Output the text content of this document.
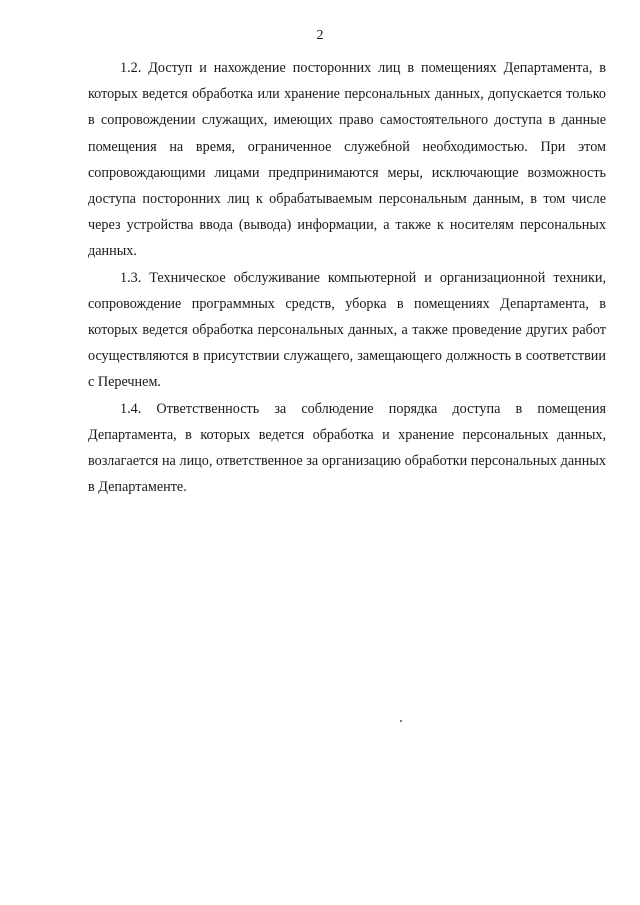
2

1.2. Доступ и нахождение посторонних лиц в помещениях Департамента, в которых ведется обработка или хранение персональных данных, допускается только в сопровождении служащих, имеющих право самостоятельного доступа в данные помещения на время, ограниченное служебной необходимостью. При этом сопровождающими лицами предпринимаются меры, исключающие возможность доступа посторонних лиц к обрабатываемым персональным данным, в том числе через устройства ввода (вывода) информации, а также к носителям персональных данных.

1.3. Техническое обслуживание компьютерной и организационной техники, сопровождение программных средств, уборка в помещениях Департамента, в которых ведется обработка персональных данных, а также проведение других работ осуществляются в присутствии служащего, замещающего должность в соответствии с Перечнем.

1.4. Ответственность за соблюдение порядка доступа в помещения Департамента, в которых ведется обработка и хранение персональных данных, возлагается на лицо, ответственное за организацию обработки персональных данных в Департаменте.
